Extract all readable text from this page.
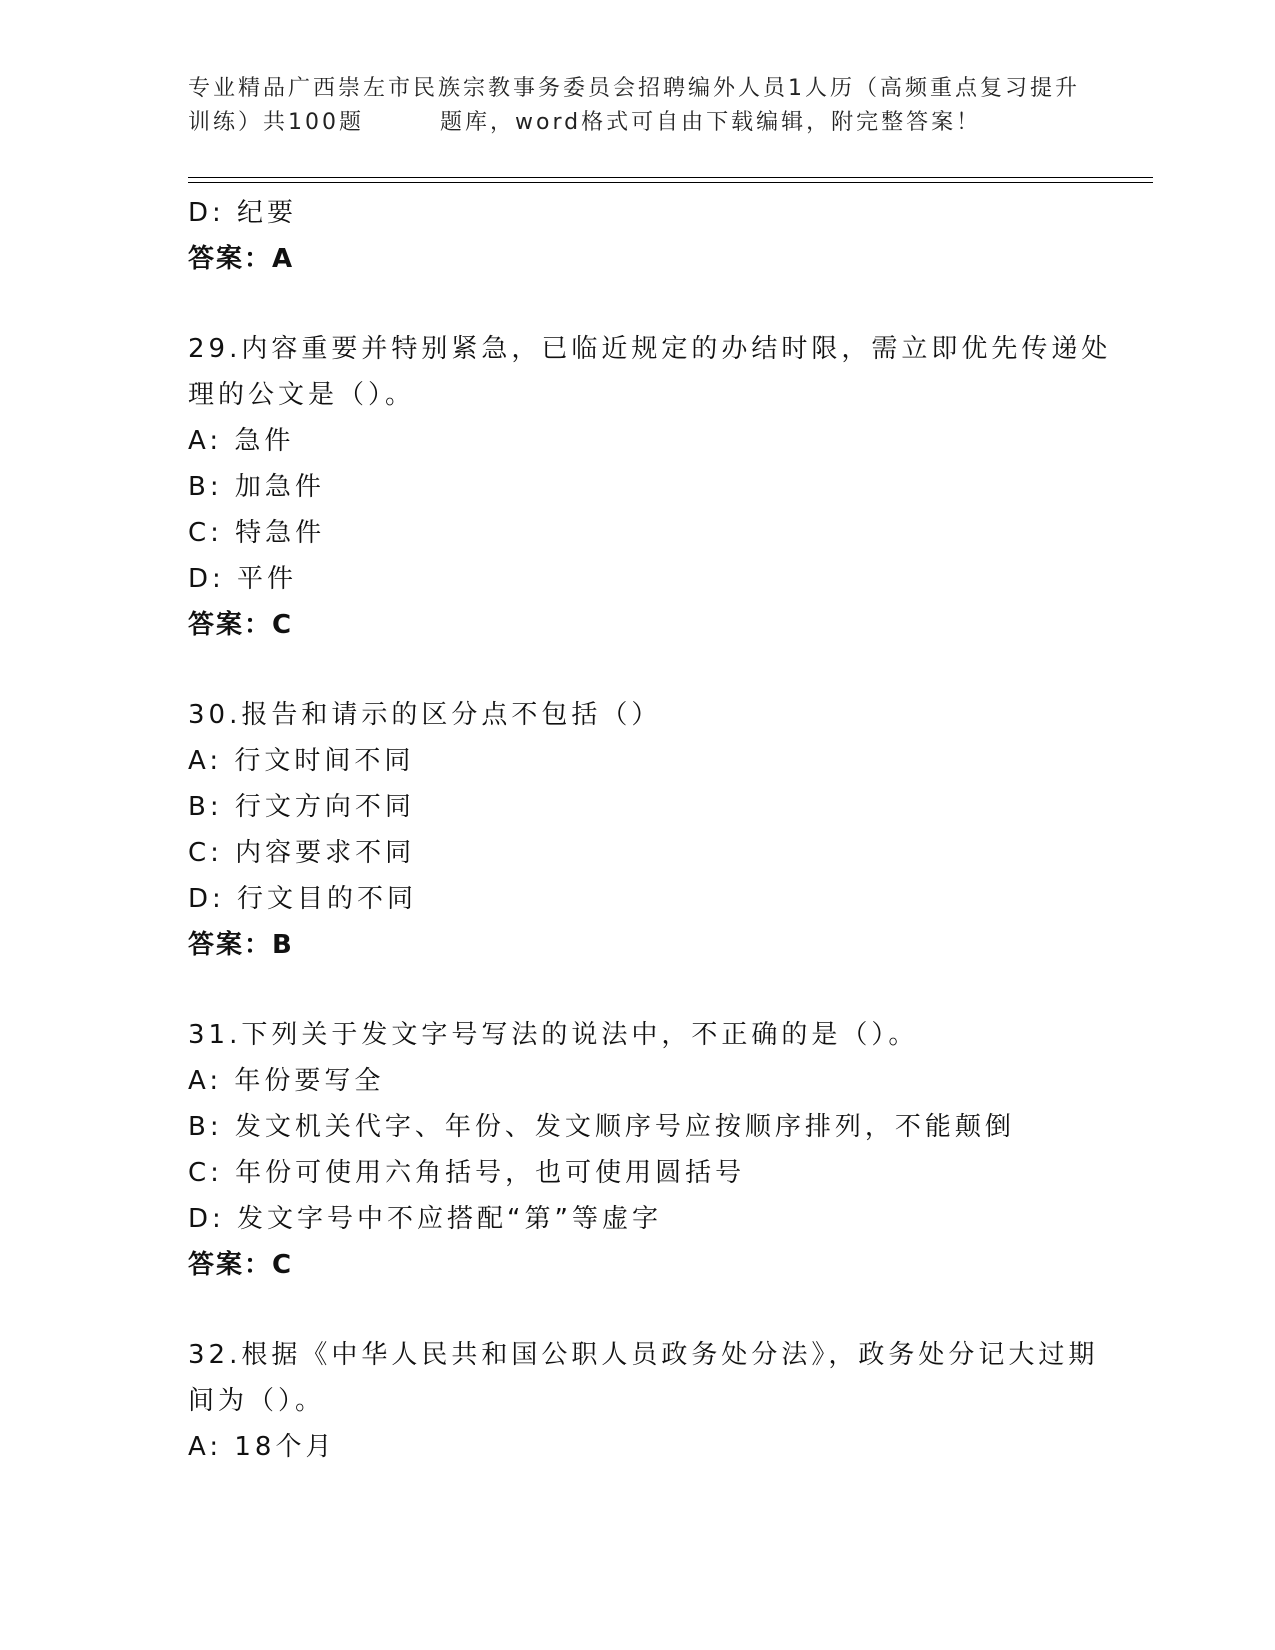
专业精品广西崇左市民族宗教事务委员会招聘编外人员1人历（高频重点复习提升
训练）共100题	题库，word格式可自由下载编辑，附完整答案！
D: 纪要
答案：A
29.内容重要并特别紧急，已临近规定的办结时限，需立即优先传递处
理的公文是（）。
A: 急件
B: 加急件
C: 特急件
D: 平件
答案：C
30.报告和请示的区分点不包括（）
A: 行文时间不同
B: 行文方向不同
C: 内容要求不同
D: 行文目的不同
答案：B
31.下列关于发文字号写法的说法中，不正确的是（）。
A: 年份要写全
B: 发文机关代字、年份、发文顺序号应按顺序排列，不能颠倒
C: 年份可使用六角括号，也可使用圆括号
D: 发文字号中不应搭配“第”等虚字
答案：C
32.根据《中华人民共和国公职人员政务处分法》，政务处分记大过期
间为（）。
A: 18个月
